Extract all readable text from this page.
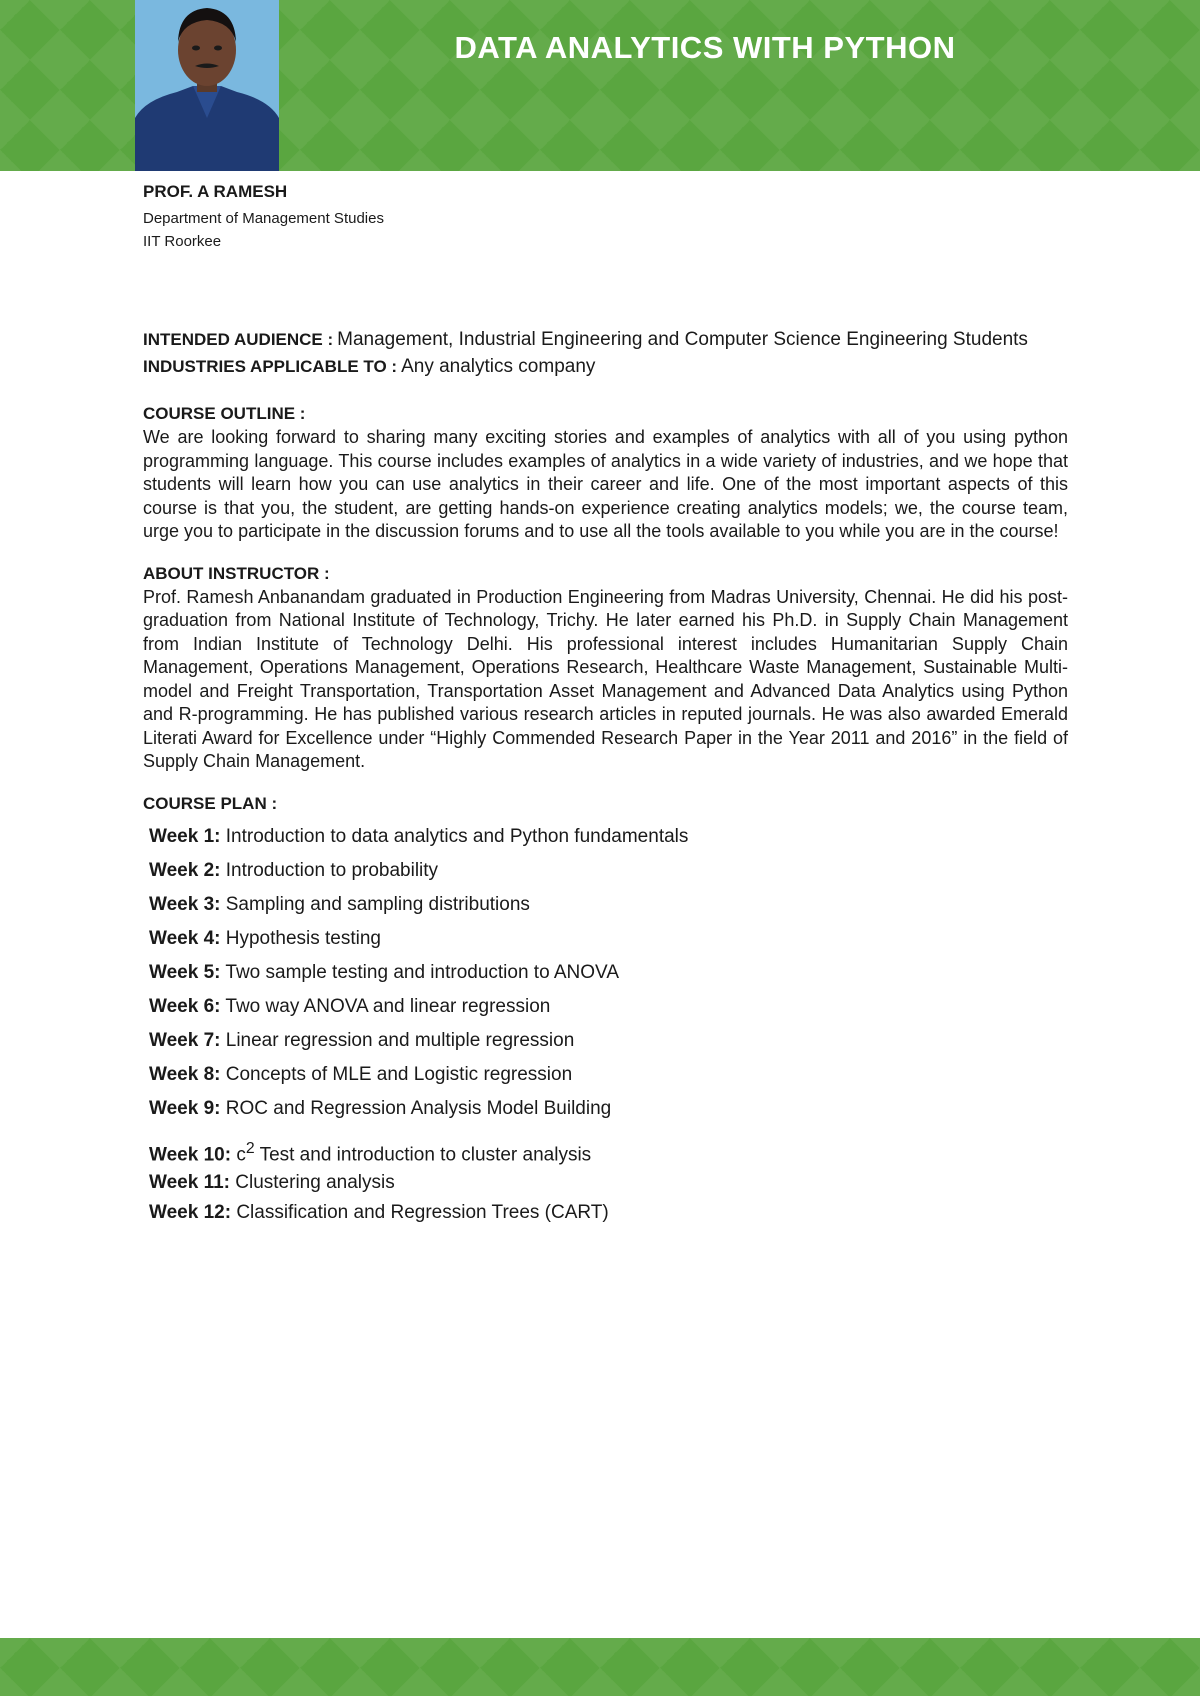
DATA ANALYTICS WITH PYTHON

PROF. A RAMESH

Department of Management Studies

IIT Roorkee

INTENDED AUDIENCE : Management, Industrial Engineering and Computer Science Engineering Students
INDUSTRIES APPLICABLE TO : Any analytics company

COURSE OUTLINE :

We are looking forward to sharing many exciting stories and examples of analytics with all of you using python programming language. This course includes examples of analytics in a wide variety of industries, and we hope that students will learn how you can use analytics in their career and life. One of the most important aspects of this course is that you, the student, are getting hands-on experience creating analytics models; we, the course team, urge you to participate in the discussion forums and to use all the tools available to you while you are in the course!

ABOUT INSTRUCTOR :

Prof. Ramesh Anbanandam graduated in Production Engineering from Madras University, Chennai. He did his post-graduation from National Institute of Technology, Trichy. He later earned his Ph.D. in Supply Chain Management from Indian Institute of Technology Delhi. His professional interest includes Humanitarian Supply Chain Management, Operations Management, Operations Research, Healthcare Waste Management, Sustainable Multi-model and Freight Transportation, Transportation Asset Management and Advanced Data Analytics using Python and R-programming. He has published various research articles in reputed journals. He was also awarded Emerald Literati Award for Excellence under “Highly Commended Research Paper in the Year 2011 and 2016” in the field of Supply Chain Management.

COURSE PLAN :

Week 1: Introduction to data analytics and Python fundamentals
Week 2: Introduction to probability
Week 3: Sampling and sampling distributions
Week 4: Hypothesis testing
Week 5: Two sample testing and introduction to ANOVA
Week 6: Two way ANOVA and linear regression
Week 7: Linear regression and multiple regression
Week 8: Concepts of MLE and Logistic regression
Week 9: ROC and Regression Analysis Model Building
Week 10: $c^2$ Test and introduction to cluster analysis
Week 11: Clustering analysis
Week 12: Classification and Regression Trees (CART)
